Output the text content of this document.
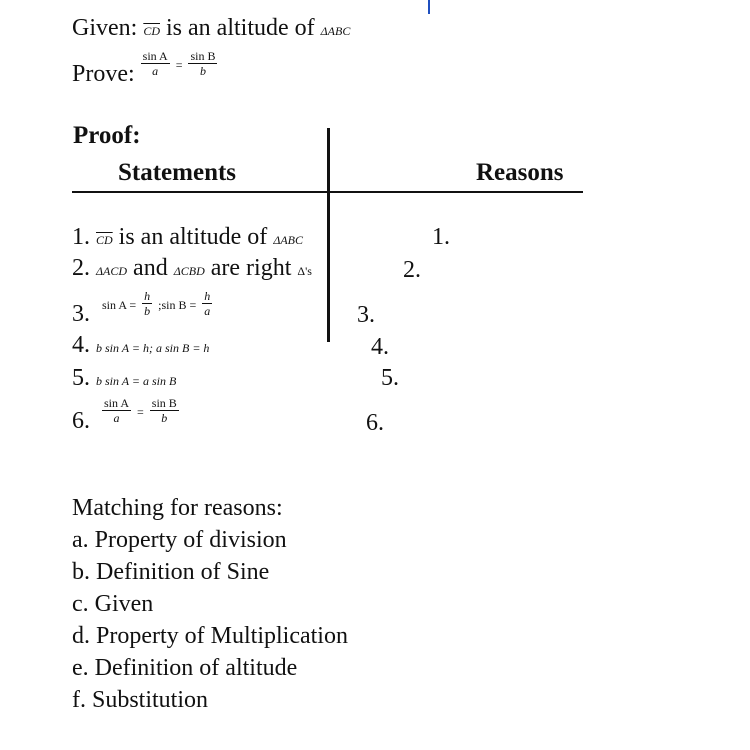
Given: $\overline{CD}$ is an altitude of ΔABC
Prove: $\frac{\text{sin A}}{a} = \frac{\text{sin B}}{b}$
Proof:
Statements	Reasons
1. $\overline{CD}$ is an altitude of ΔABC	1.
2. ΔACD and ΔCBD are right Δ's	2.
3. $\sin A = \frac{h}{b}$ ;sin $B = \frac{h}{a}$	3.
4. b sin A = h; a sin B = h	4.
5. b sin A = a sin B	5.
6. $\frac{\text{sin A}}{a} = \frac{\text{sin B}}{b}$	6.
Matching for reasons:
a. Property of division
b. Definition of Sine
c. Given
d. Property of Multiplication
e. Definition of altitude
f. Substitution
